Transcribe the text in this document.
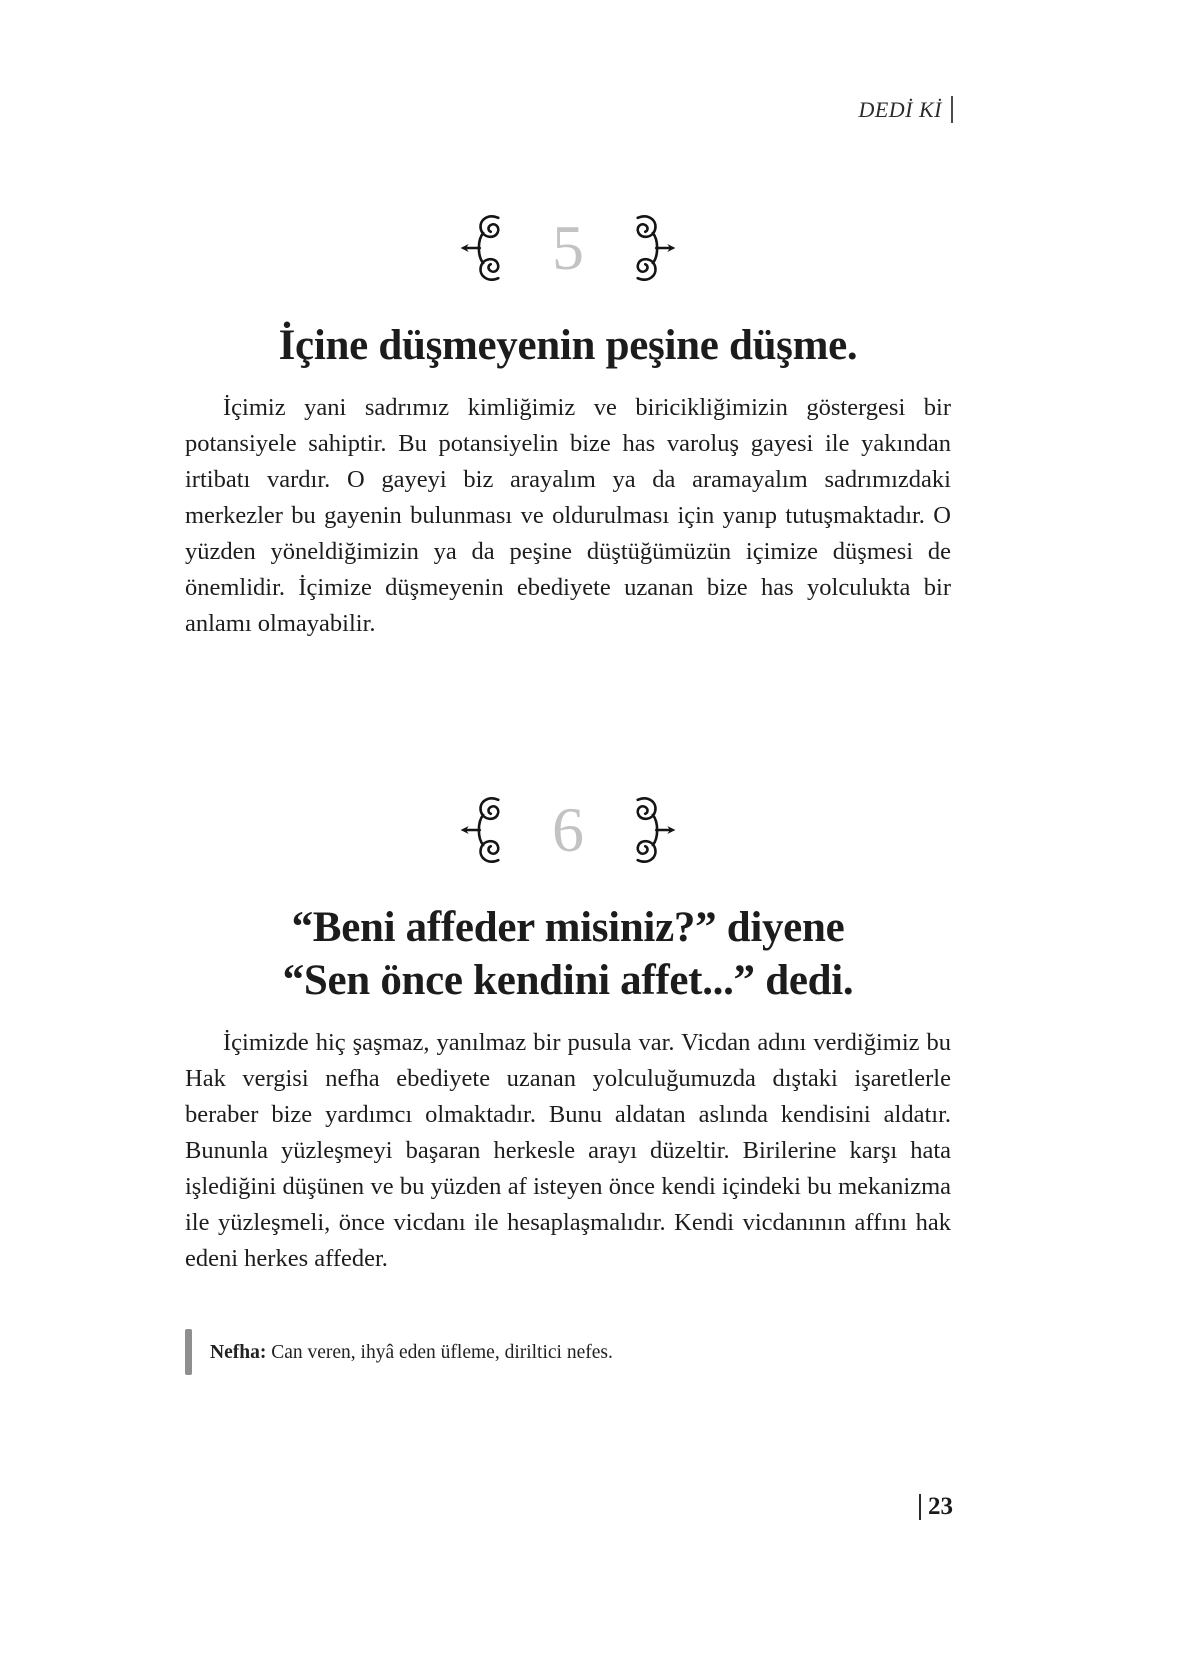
DEDİ Kİ
5
İçine düşmeyenin peşine düşme.

İçimiz yani sadrımız kimliğimiz ve biricikliğimizin göstergesi bir potansiyele sahiptir. Bu potansiyelin bize has varoluş gayesi ile yakından irtibatı vardır. O gayeyi biz arayalım ya da aramayalım sadrımızdaki merkezler bu gayenin bulunması ve oldurulması için yanıp tutuşmaktadır. O yüzden yöneldiğimizin ya da peşine düştüğümüzün içimize düşmesi de önemlidir. İçimize düşmeyenin ebediyete uzanan bize has yolculukta bir anlamı olmayabilir.

6
“Beni affeder misiniz?” diyene
“Sen önce kendini affet...” dedi.

İçimizde hiç şaşmaz, yanılmaz bir pusula var. Vicdan adını verdiğimiz bu Hak vergisi nefha ebediyete uzanan yolculuğumuzda dıştaki işaretlerle beraber bize yardımcı olmaktadır. Bunu aldatan aslında kendisini aldatır. Bununla yüzleşmeyi başaran herkesle arayı düzeltir. Birilerine karşı hata işlediğini düşünen ve bu yüzden af isteyen önce kendi içindeki bu mekanizma ile yüzleşmeli, önce vicdanı ile hesaplaşmalıdır. Kendi vicdanının affını hak edeni herkes affeder.

Nefha: Can veren, ihyâ eden üfleme, diriltici nefes.

23
